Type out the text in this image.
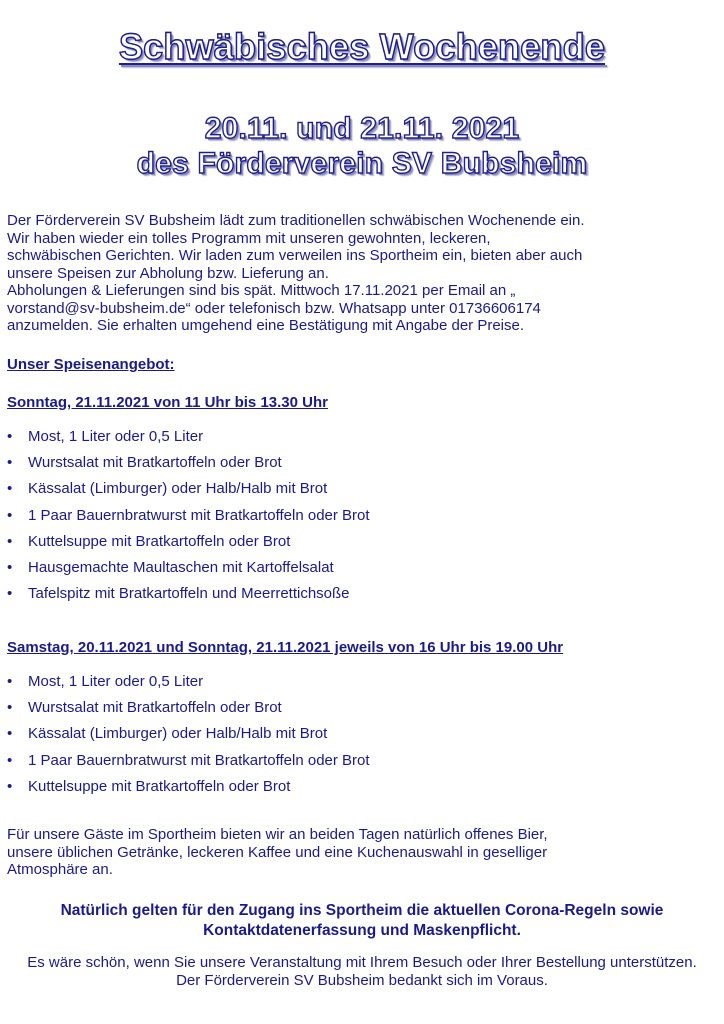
Schwäbisches Wochenende
20.11. und 21.11. 2021
des Förderverein SV Bubsheim

Der Förderverein SV Bubsheim lädt zum traditionellen schwäbischen Wochenende ein.
Wir haben wieder ein tolles Programm mit unseren gewohnten, leckeren,
schwäbischen Gerichten. Wir laden zum verweilen ins Sportheim ein, bieten aber auch
unsere Speisen zur Abholung bzw. Lieferung an.
Abholungen & Lieferungen sind bis spät. Mittwoch 17.11.2021 per Email an „
vorstand@sv-bubsheim.de“ oder telefonisch bzw. Whatsapp unter 01736606174
anzumelden. Sie erhalten umgehend eine Bestätigung mit Angabe der Preise.

Unser Speisenangebot:

Sonntag, 21.11.2021 von 11 Uhr bis 13.30 Uhr

• Most, 1 Liter oder 0,5 Liter
• Wurstsalat mit Bratkartoffeln oder Brot
• Kässalat (Limburger) oder Halb/Halb mit Brot
• 1 Paar Bauernbratwurst mit Bratkartoffeln oder Brot
• Kuttelsuppe mit Bratkartoffeln oder Brot
• Hausgemachte Maultaschen mit Kartoffelsalat
• Tafelspitz mit Bratkartoffeln und Meerrettichsoße

Samstag, 20.11.2021 und Sonntag, 21.11.2021 jeweils von 16 Uhr bis 19.00 Uhr

• Most, 1 Liter oder 0,5 Liter
• Wurstsalat mit Bratkartoffeln oder Brot
• Kässalat (Limburger) oder Halb/Halb mit Brot
• 1 Paar Bauernbratwurst mit Bratkartoffeln oder Brot
• Kuttelsuppe mit Bratkartoffeln oder Brot

Für unsere Gäste im Sportheim bieten wir an beiden Tagen natürlich offenes Bier,
unsere üblichen Getränke, leckeren Kaffee und eine Kuchenauswahl in geselliger
Atmosphäre an.

Natürlich gelten für den Zugang ins Sportheim die aktuellen Corona-Regeln sowie
Kontaktdatenerfassung und Maskenpflicht.

Es wäre schön, wenn Sie unsere Veranstaltung mit Ihrem Besuch oder Ihrer Bestellung unterstützen.
Der Förderverein SV Bubsheim bedankt sich im Voraus.
